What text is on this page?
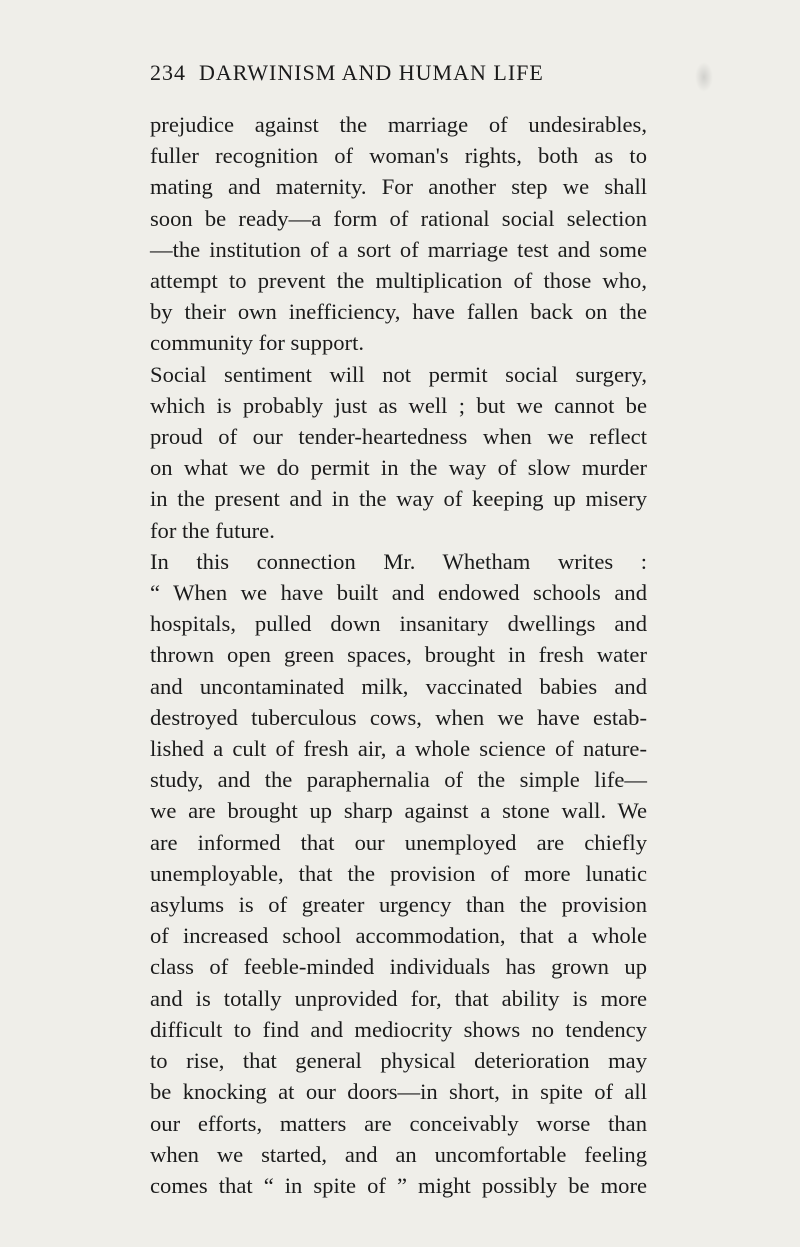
234 DARWINISM AND HUMAN LIFE
prejudice against the marriage of undesirables,
fuller recognition of woman's rights, both as to
mating and maternity. For another step we shall
soon be ready—a form of rational social selection
—the institution of a sort of marriage test and some
attempt to prevent the multiplication of those who,
by their own inefficiency, have fallen back on the
community for support.
Social sentiment will not permit social surgery,
which is probably just as well ; but we cannot be
proud of our tender-heartedness when we reflect
on what we do permit in the way of slow murder
in the present and in the way of keeping up misery
for the future.
In this connection Mr. Whetham writes :
“ When we have built and endowed schools and
hospitals, pulled down insanitary dwellings and
thrown open green spaces, brought in fresh water
and uncontaminated milk, vaccinated babies and
destroyed tuberculous cows, when we have estab-
lished a cult of fresh air, a whole science of nature-
study, and the paraphernalia of the simple life—
we are brought up sharp against a stone wall. We
are informed that our unemployed are chiefly
unemployable, that the provision of more lunatic
asylums is of greater urgency than the provision
of increased school accommodation, that a whole
class of feeble-minded individuals has grown up
and is totally unprovided for, that ability is more
difficult to find and mediocrity shows no tendency
to rise, that general physical deterioration may
be knocking at our doors—in short, in spite of all
our efforts, matters are conceivably worse than
when we started, and an uncomfortable feeling
comes that “ in spite of ” might possibly be more
